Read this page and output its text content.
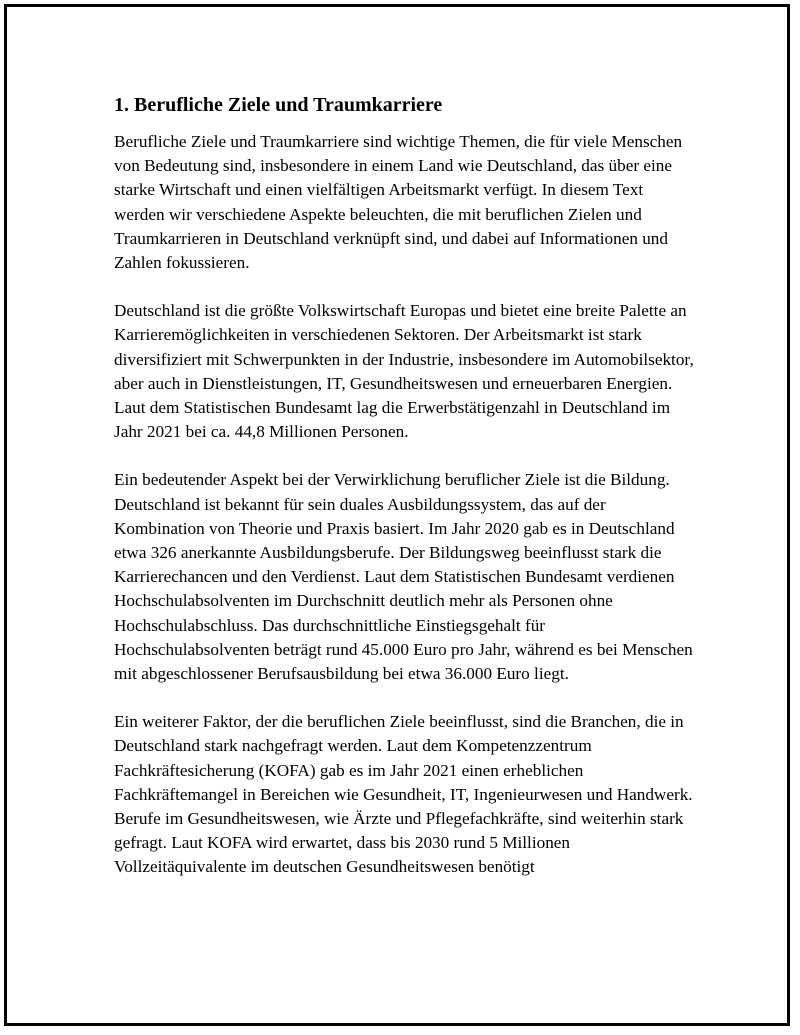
1. Berufliche Ziele und Traumkarriere

Berufliche Ziele und Traumkarriere sind wichtige Themen, die für viele Menschen von Bedeutung sind, insbesondere in einem Land wie Deutschland, das über eine starke Wirtschaft und einen vielfältigen Arbeitsmarkt verfügt. In diesem Text werden wir verschiedene Aspekte beleuchten, die mit beruflichen Zielen und Traumkarrieren in Deutschland verknüpft sind, und dabei auf Informationen und Zahlen fokussieren.

Deutschland ist die größte Volkswirtschaft Europas und bietet eine breite Palette an Karrieremöglichkeiten in verschiedenen Sektoren. Der Arbeitsmarkt ist stark diversifiziert mit Schwerpunkten in der Industrie, insbesondere im Automobilsektor, aber auch in Dienstleistungen, IT, Gesundheitswesen und erneuerbaren Energien. Laut dem Statistischen Bundesamt lag die Erwerbstätigenzahl in Deutschland im Jahr 2021 bei ca. 44,8 Millionen Personen.

Ein bedeutender Aspekt bei der Verwirklichung beruflicher Ziele ist die Bildung. Deutschland ist bekannt für sein duales Ausbildungssystem, das auf der Kombination von Theorie und Praxis basiert. Im Jahr 2020 gab es in Deutschland etwa 326 anerkannte Ausbildungsberufe. Der Bildungsweg beeinflusst stark die Karrierechancen und den Verdienst. Laut dem Statistischen Bundesamt verdienen Hochschulabsolventen im Durchschnitt deutlich mehr als Personen ohne Hochschulabschluss. Das durchschnittliche Einstiegsgehalt für Hochschulabsolventen beträgt rund 45.000 Euro pro Jahr, während es bei Menschen mit abgeschlossener Berufsausbildung bei etwa 36.000 Euro liegt.

Ein weiterer Faktor, der die beruflichen Ziele beeinflusst, sind die Branchen, die in Deutschland stark nachgefragt werden. Laut dem Kompetenzzentrum Fachkräftesicherung (KOFA) gab es im Jahr 2021 einen erheblichen Fachkräftemangel in Bereichen wie Gesundheit, IT, Ingenieurwesen und Handwerk. Berufe im Gesundheitswesen, wie Ärzte und Pflegefachkräfte, sind weiterhin stark gefragt. Laut KOFA wird erwartet, dass bis 2030 rund 5 Millionen Vollzeitäquivalente im deutschen Gesundheitswesen benötigt
